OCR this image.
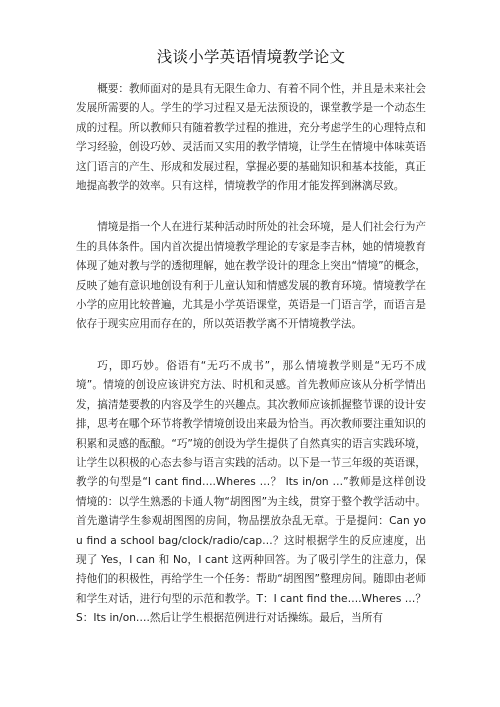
浅谈小学英语情境教学论文

概要：教师面对的是具有无限生命力、有着不同个性，并且是未来社会发展所需要的人。学生的学习过程又是无法预设的，课堂教学是一个动态生成的过程。所以教师只有随着教学过程的推进，充分考虑学生的心理特点和学习经验，创设巧妙、灵活而又实用的教学情境，让学生在情境中体味英语这门语言的产生、形成和发展过程，掌握必要的基础知识和基本技能，真正地提高教学的效率。只有这样，情境教学的作用才能发挥到淋漓尽致。

情境是指一个人在进行某种活动时所处的社会环境，是人们社会行为产生的具体条件。国内首次提出情境教学理论的专家是李吉林，她的情境教育体现了她对教与学的透彻理解，她在教学设计的理念上突出“情境”的概念，反映了她有意识地创设有利于儿童认知和情感发展的教育环境。情境教学在小学的应用比较普遍，尤其是小学英语课堂，英语是一门语言学，而语言是依存于现实应用而存在的，所以英语教学离不开情境教学法。

巧，即巧妙。俗语有“无巧不成书”，那么情境教学则是“无巧不成境”。情境的创设应该讲究方法、时机和灵感。首先教师应该从分析学情出发，搞清楚要教的内容及学生的兴趣点。其次教师应该抓握整节课的设计安排，思考在哪个环节将教学情境创设出来最为恰当。再次教师要注重知识的积累和灵感的酝酿。“巧”境的创设为学生提供了自然真实的语言实践环境，让学生以积极的心态去参与语言实践的活动。以下是一节三年级的英语课，教学的句型是“I cant find….Wheres …？ Its in/on …”教师是这样创设情境的：以学生熟悉的卡通人物“胡图图”为主线，贯穿于整个教学活动中。首先邀请学生参观胡图图的房间，物品摆放杂乱无章。于是提问：Can you find a school bag/clock/radio/cap…？这时根据学生的反应速度，出现了 Yes，I can 和 No，I cant 这两种回答。为了吸引学生的注意力，保持他们的积极性，再给学生一个任务：帮助“胡图图”整理房间。随即由老师和学生对话，进行句型的示范和教学。T：I cant find the….Wheres …？S：Its in/on….然后让学生根据范例进行对话操练。最后，当所有
